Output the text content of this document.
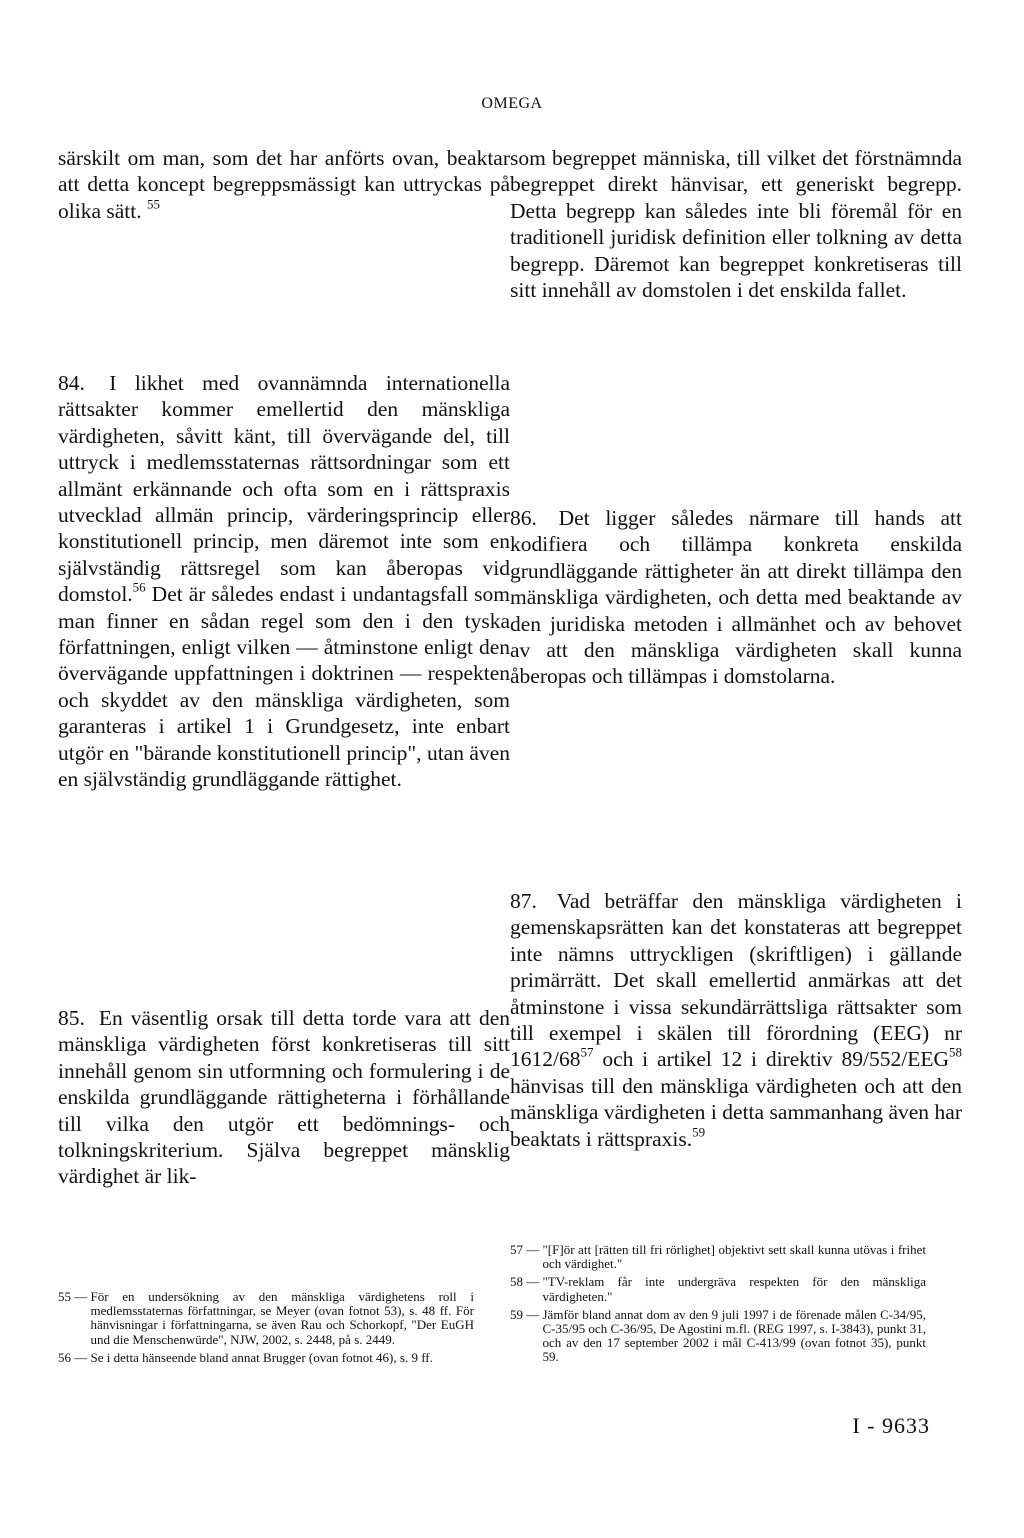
OMEGA

särskilt om man, som det har anförts ovan, beaktar att detta koncept begreppsmässigt kan uttryckas på olika sätt. $^{55}$

84. I likhet med ovannämnda internationella rättsakter kommer emellertid den mänskliga värdigheten, såvitt känt, till övervägande del, till uttryck i medlemsstaternas rättsordningar som ett allmänt erkännande och ofta som en i rättspraxis utvecklad allmän princip, värderingsprincip eller konstitutionell princip, men däremot inte som en självständig rättsregel som kan åberopas vid domstol.$^{56}$ Det är således endast i undantagsfall som man finner en sådan regel som den i den tyska författningen, enligt vilken — åtminstone enligt den övervägande uppfattningen i doktrinen — respekten och skyddet av den mänskliga värdigheten, som garanteras i artikel 1 i Grundgesetz, inte enbart utgör en "bärande konstitutionell princip", utan även en självständig grundläggande rättighet.

85. En väsentlig orsak till detta torde vara att den mänskliga värdigheten först konkretiseras till sitt innehåll genom sin utformning och formulering i de enskilda grundläggande rättigheterna i förhållande till vilka den utgör ett bedömnings- och tolkningskriterium. Själva begreppet mänsklig värdighet är lik-

som begreppet människa, till vilket det förstnämnda begreppet direkt hänvisar, ett generiskt begrepp. Detta begrepp kan således inte bli föremål för en traditionell juridisk definition eller tolkning av detta begrepp. Däremot kan begreppet konkretiseras till sitt innehåll av domstolen i det enskilda fallet.

86. Det ligger således närmare till hands att kodifiera och tillämpa konkreta enskilda grundläggande rättigheter än att direkt tillämpa den mänskliga värdigheten, och detta med beaktande av den juridiska metoden i allmänhet och av behovet av att den mänskliga värdigheten skall kunna åberopas och tillämpas i domstolarna.

87. Vad beträffar den mänskliga värdigheten i gemenskapsrätten kan det konstateras att begreppet inte nämns uttryckligen (skriftligen) i gällande primärrätt. Det skall emellertid anmärkas att det åtminstone i vissa sekundärrättsliga rättsakter som till exempel i skälen till förordning (EEG) nr $1612/68^{57}$ och i artikel 12 i direktiv 89/552/EEG$^{58}$ hänvisas till den mänskliga värdigheten och att den mänskliga värdigheten i detta sammanhang även har beaktats i rättspraxis.$^{59}$

55 — För en undersökning av den mänskliga värdighetens roll i medlemsstaternas författningar, se Meyer (ovan fotnot 53), s. 48 ff. För hänvisningar i författningarna, se även Rau och Schorkopf, "Der EuGH und die Menschenwürde", NJW, 2002, s. 2448, på s. 2449.
56 — Se i detta hänseende bland annat Brugger (ovan fotnot 46), s. 9 ff.
57 — "[F]ör att [rätten till fri rörlighet] objektivt sett skall kunna utövas i frihet och värdighet."
58 — "TV-reklam får inte undergräva respekten för den mänskliga värdigheten."
59 — Jämför bland annat dom av den 9 juli 1997 i de förenade målen C-34/95, C-35/95 och C-36/95, De Agostini m.fl. (REG 1997, s. I-3843), punkt 31, och av den 17 september 2002 i mål C-413/99 (ovan fotnot 35), punkt 59.
I - 9633
